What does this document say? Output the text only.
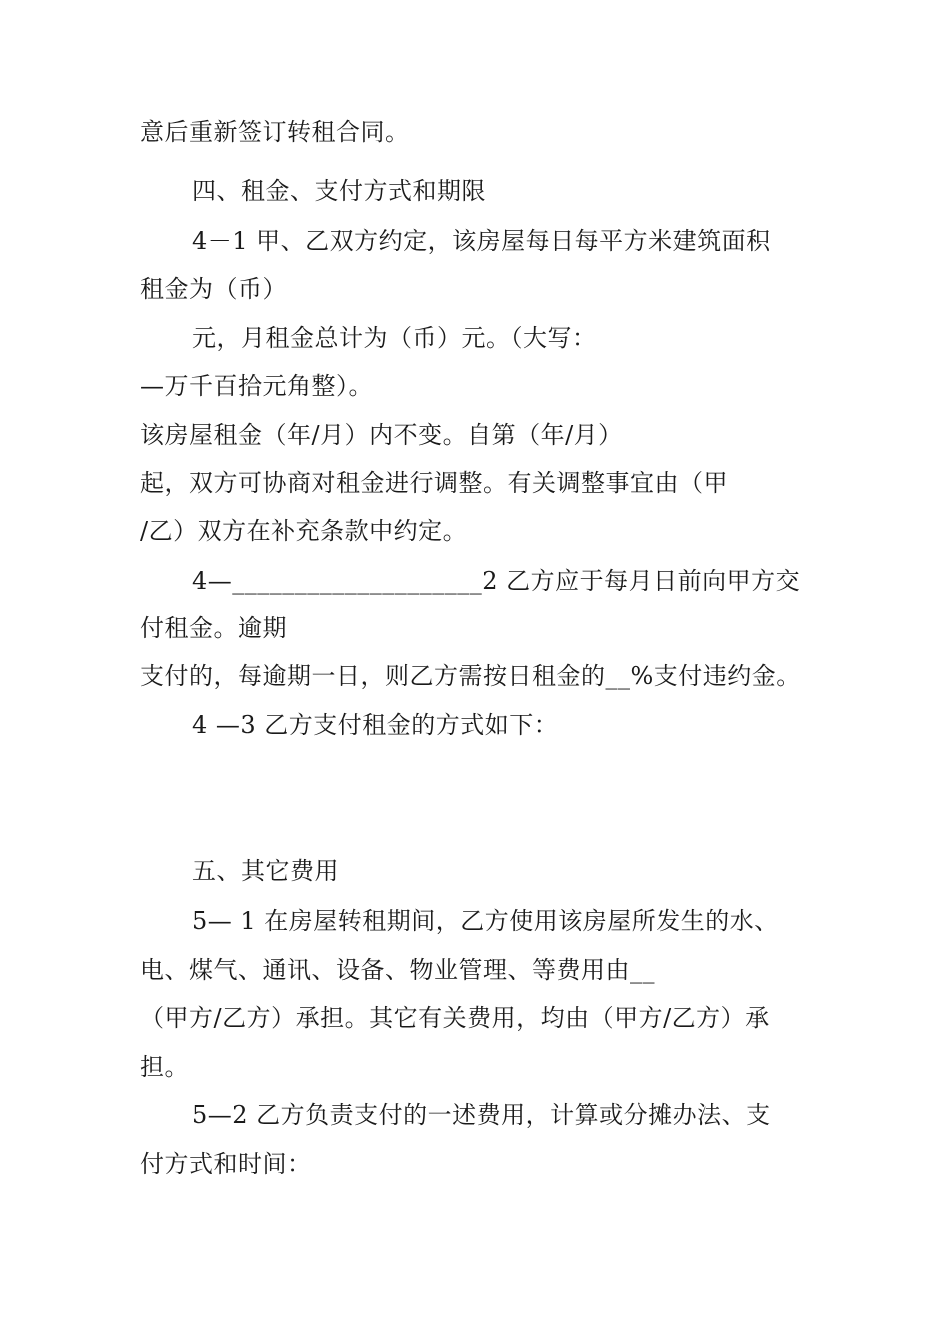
意后重新签订转租合同。
四、租金、支付方式和期限
4－1 甲、乙双方约定，该房屋每日每平方米建筑面积
租金为（币）
元，月租金总计为（币）元。（大写：
—万千百拾元角整）。
该房屋租金（年/月）内不变。自第（年/月）
起，双方可协商对租金进行调整。有关调整事宜由（甲
/乙）双方在补充条款中约定。
4—____________________2 乙方应于每月日前向甲方交
付租金。逾期
支付的，每逾期一日，则乙方需按日租金的__%支付违约金。
4 —3 乙方支付租金的方式如下：
五、其它费用
5— 1 在房屋转租期间，乙方使用该房屋所发生的水、
电、煤气、通讯、设备、物业管理、等费用由__
（甲方/乙方）承担。其它有关费用，均由（甲方/乙方）承
担。
5—2 乙方负责支付的一述费用，计算或分摊办法、支
付方式和时间：
